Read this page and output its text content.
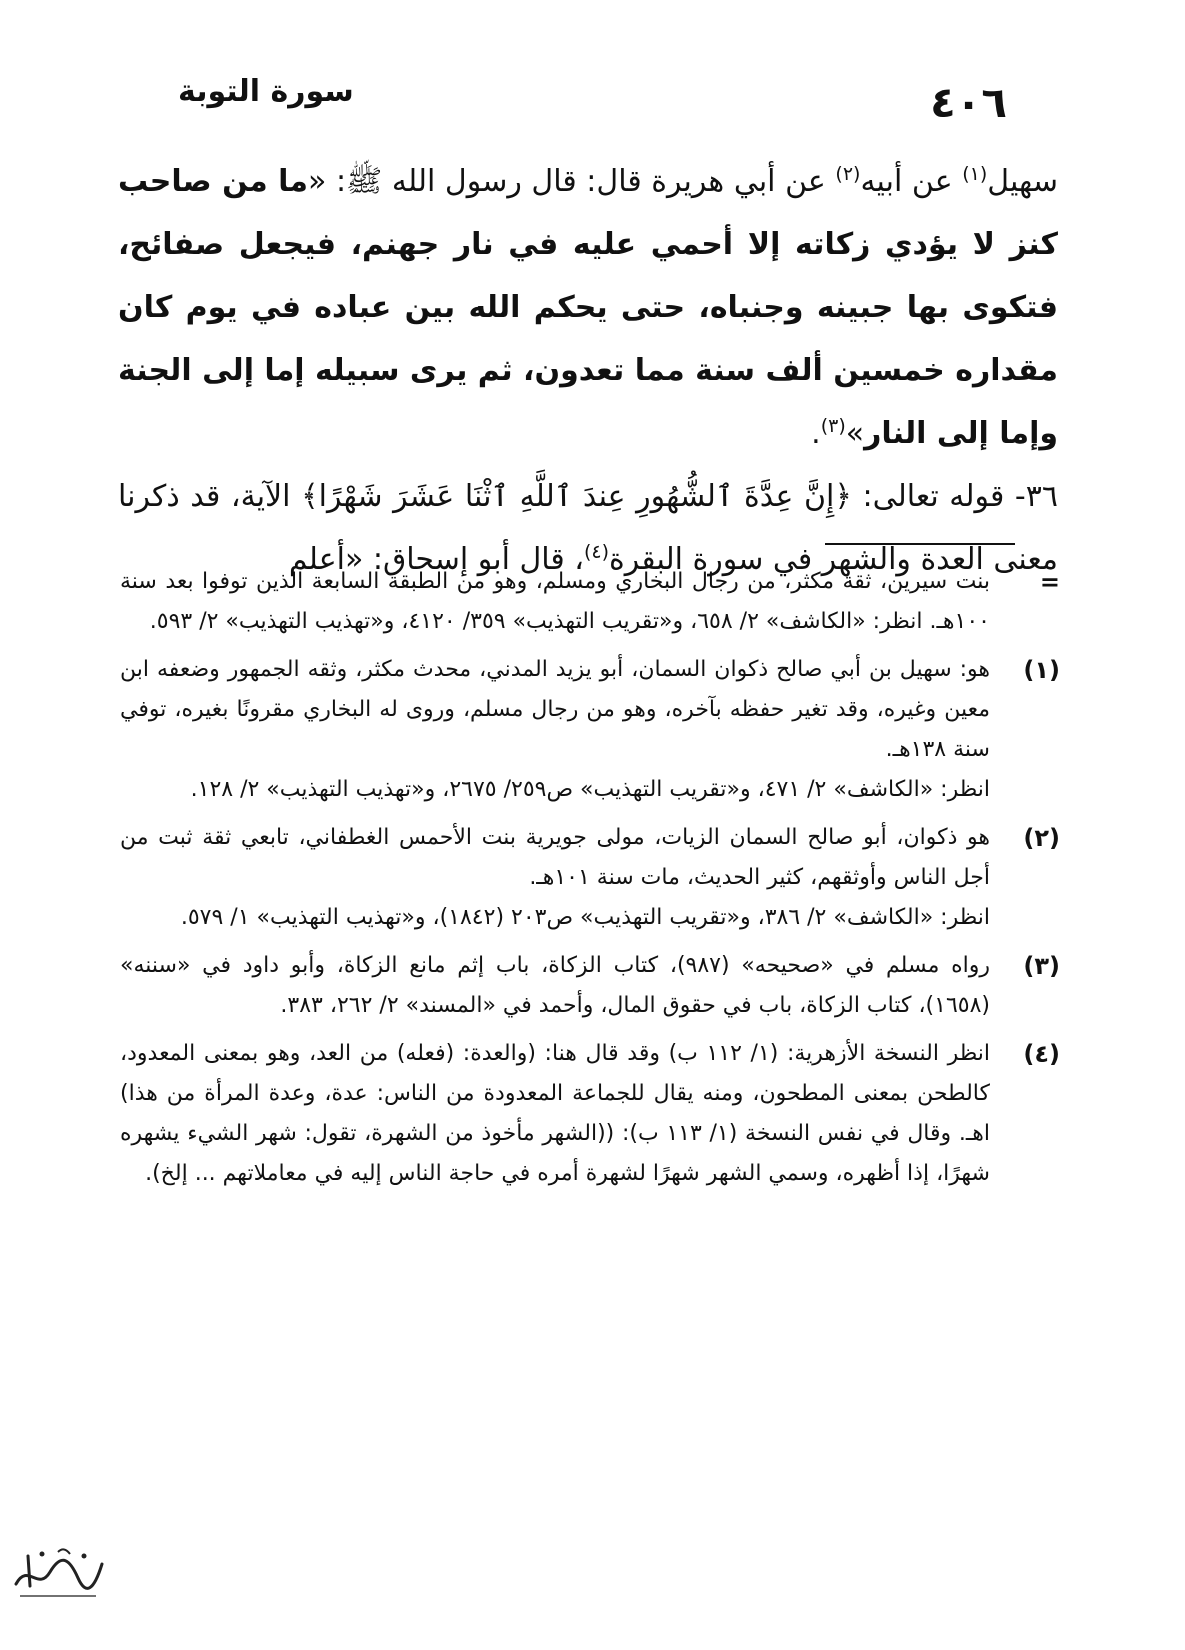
٤٠٦
سورة التوبة

سهيل$^{(١)}$ عن أبيه$^{(٢)}$ عن أبي هريرة قال: قال رسول الله ﷺ: «ما من صاحب كنز لا يؤدي زكاته إلا أحمي عليه في نار جهنم، فيجعل صفائح، فتكوى بها جبينه وجنباه، حتى يحكم الله بين عباده في يوم كان مقداره خمسين ألف سنة مما تعدون، ثم يرى سبيله إما إلى الجنة وإما إلى النار»$^{(٣)}$.

٣٦- قوله تعالى: ﴿إِنَّ عِدَّةَ ٱلشُّهُورِ عِندَ ٱللَّهِ ٱثْنَا عَشَرَ شَهْرًا﴾ الآية، قد ذكرنا معنى العدة والشهر في سورة البقرة$^{(٤)}$، قال أبو إسحاق: «أعلم

=

بنت سيرين، ثقة مكثر، من رجال البخاري ومسلم، وهو من الطبقة السابعة الذين توفوا بعد سنة ١٠٠هـ. انظر: «الكاشف» ٢/ ٦٥٨، و«تقريب التهذيب» ٣٥٩/ ٤١٢٠، و«تهذيب التهذيب» ٢/ ٥٩٣.

(١)

هو: سهيل بن أبي صالح ذكوان السمان، أبو يزيد المدني، محدث مكثر، وثقه الجمهور وضعفه ابن معين وغيره، وقد تغير حفظه بآخره، وهو من رجال مسلم، وروى له البخاري مقرونًا بغيره، توفي سنة ١٣٨هـ.

انظر: «الكاشف» ٢/ ٤٧١، و«تقريب التهذيب» ص٢٥٩/ ٢٦٧٥، و«تهذيب التهذيب» ٢/ ١٢٨.

(٢)

هو ذكوان، أبو صالح السمان الزيات، مولى جويرية بنت الأحمس الغطفاني، تابعي ثقة ثبت من أجل الناس وأوثقهم، كثير الحديث، مات سنة ١٠١هـ.

انظر: «الكاشف» ٢/ ٣٨٦، و«تقريب التهذيب» ص٢٠٣ (١٨٤٢)، و«تهذيب التهذيب» ١/ ٥٧٩.

(٣)

رواه مسلم في «صحيحه» (٩٨٧)، كتاب الزكاة، باب إثم مانع الزكاة، وأبو داود في «سننه» (١٦٥٨)، كتاب الزكاة، باب في حقوق المال، وأحمد في «المسند» ٢/ ٢٦٢، ٣٨٣.

(٤)

انظر النسخة الأزهرية: (١/ ١١٢ ب) وقد قال هنا: (والعدة: (فعله) من العد، وهو بمعنى المعدود، كالطحن بمعنى المطحون، ومنه يقال للجماعة المعدودة من الناس: عدة، وعدة المرأة من هذا) اهـ. وقال في نفس النسخة (١/ ١١٣ ب): ((الشهر مأخوذ من الشهرة، تقول: شهر الشيء يشهره شهرًا، إذا أظهره، وسمي الشهر شهرًا لشهرة أمره في حاجة الناس إليه في معاملاتهم ... إلخ).
